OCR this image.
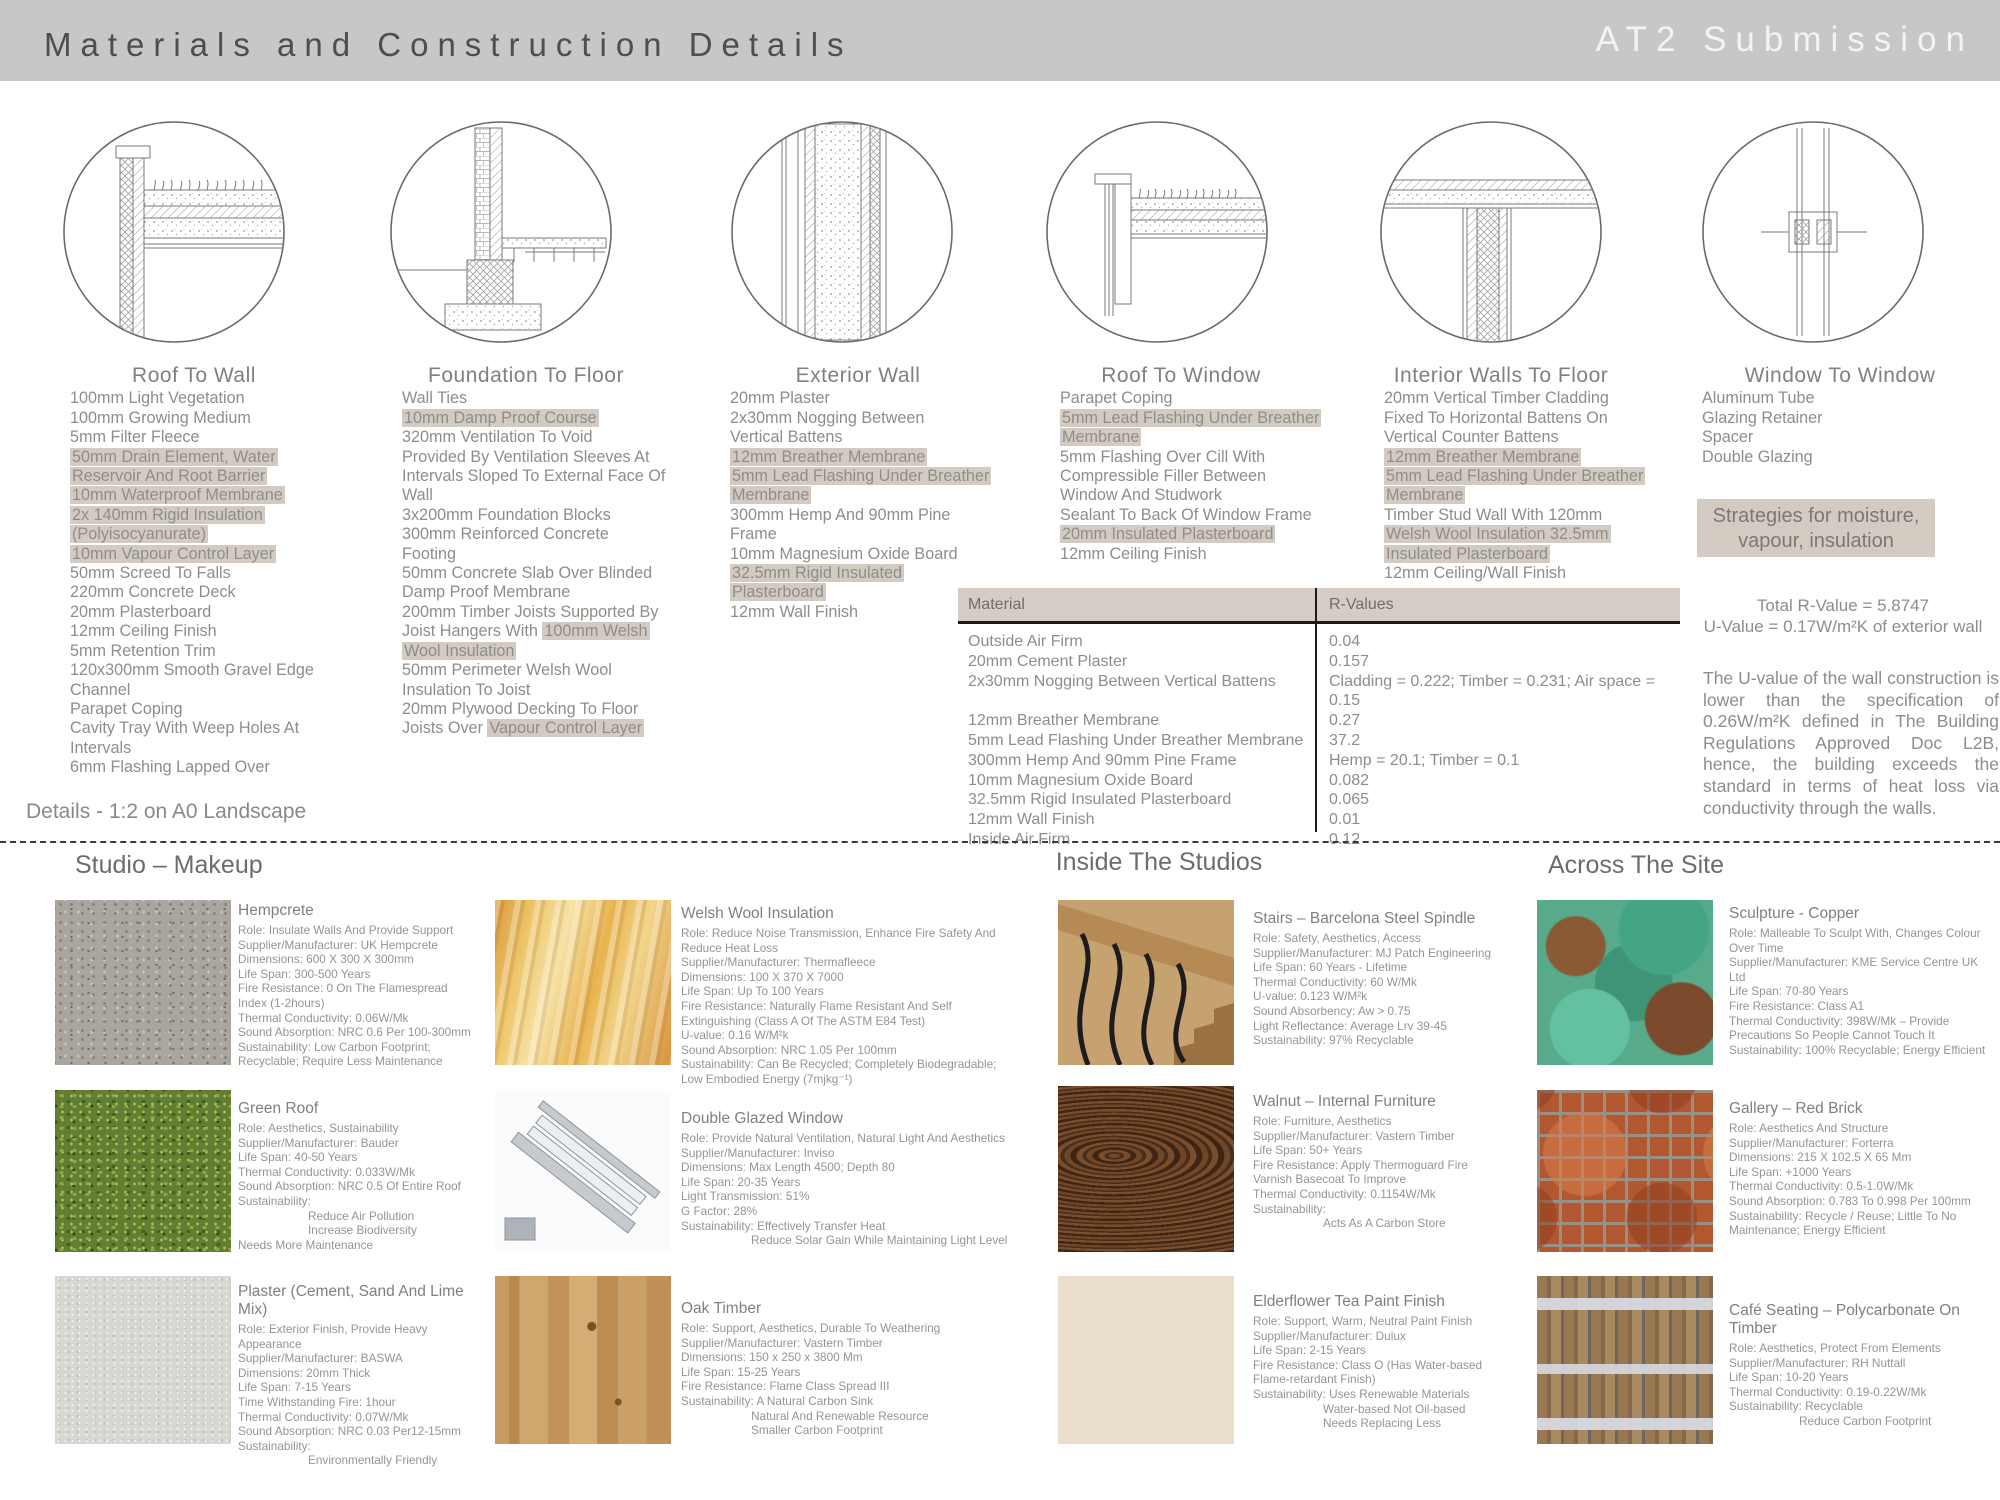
Materials and Construction Details	AT2 Submission
Roof To Wall
100mm Light Vegetation
100mm Growing Medium
5mm Filter Fleece
50mm Drain Element, Water
Reservoir And Root Barrier
10mm Waterproof Membrane
2x 140mm Rigid Insulation
(Polyisocyanurate)
10mm Vapour Control Layer
50mm Screed To Falls
220mm Concrete Deck
20mm Plasterboard
12mm Ceiling Finish
5mm Retention Trim
120x300mm Smooth Gravel Edge
Channel
Parapet Coping
Cavity Tray With Weep Holes At
Intervals
6mm Flashing Lapped Over
Foundation To Floor
Wall Ties
10mm Damp Proof Course
320mm Ventilation To Void
Provided By Ventilation Sleeves At
Intervals Sloped To External Face Of
Wall
3x200mm Foundation Blocks
300mm Reinforced Concrete
Footing
50mm Concrete Slab Over Blinded
Damp Proof Membrane
200mm Timber Joists Supported By
Joist Hangers With 100mm Welsh
Wool Insulation
50mm Perimeter Welsh Wool
Insulation To Joist
20mm Plywood Decking To Floor
Joists Over Vapour Control Layer
Exterior Wall
20mm Plaster
2x30mm Nogging Between
Vertical Battens
12mm Breather Membrane
5mm Lead Flashing Under Breather
Membrane
300mm Hemp And 90mm Pine
Frame
10mm Magnesium Oxide Board
32.5mm Rigid Insulated
Plasterboard
12mm Wall Finish
Roof To Window
Parapet Coping
5mm Lead Flashing Under Breather
Membrane
5mm Flashing Over Cill With
Compressible Filler Between
Window And Studwork
Sealant To Back Of Window Frame
20mm Insulated Plasterboard
12mm Ceiling Finish
Interior Walls To Floor
20mm Vertical Timber Cladding
Fixed To Horizontal Battens On
Vertical Counter Battens
12mm Breather Membrane
5mm Lead Flashing Under Breather
Membrane
Timber Stud Wall With 120mm
Welsh Wool Insulation 32.5mm
Insulated Plasterboard
12mm Ceiling/Wall Finish
Window To Window
Aluminum Tube
Glazing Retainer
Spacer
Double Glazing
Material	R-Values
Outside Air Firm	0.04
20mm Cement Plaster	0.157
2x30mm Nogging Between Vertical Battens	Cladding = 0.222; Timber = 0.231; Air space = 0.15
12mm Breather Membrane	0.27
5mm Lead Flashing Under Breather Membrane	37.2
300mm Hemp And 90mm Pine Frame	Hemp = 20.1; Timber = 0.1
10mm Magnesium Oxide Board	0.082
32.5mm Rigid Insulated Plasterboard	0.065
12mm Wall Finish	0.01
Inside Air Firm	0.12
Strategies for moisture, vapour, insulation
Total R-Value = 5.8747
U-Value = 0.17W/m²K of exterior wall
The U-value of the wall construction is lower than the specification of 0.26W/m²K defined in The Building Regulations Approved Doc L2B, hence, the building exceeds the standard in terms of heat loss via conductivity through the walls.
Details - 1:2 on A0 Landscape
Studio – Makeup	Inside The Studios	Across The Site
Hempcrete
Role: Insulate Walls And Provide Support
Supplier/Manufacturer: UK Hempcrete
Dimensions: 600 X 300 X 300mm
Life Span: 300-500 Years
Fire Resistance: 0 On The Flamespread Index (1-2hours)
Thermal Conductivity: 0.06W/Mk
Sound Absorption: NRC 0.6 Per 100-300mm
Sustainability: Low Carbon Footprint; Recyclable; Require Less Maintenance
Welsh Wool Insulation
Role: Reduce Noise Transmission, Enhance Fire Safety And Reduce Heat Loss
Supplier/Manufacturer: Thermafleece
Dimensions: 100 X 370 X 7000
Life Span: Up To 100 Years
Fire Resistance: Naturally Flame Resistant And Self Extinguishing (Class A Of The ASTM E84 Test)
U-value: 0.16 W/M²k
Sound Absorption: NRC 1.05 Per 100mm
Sustainability: Can Be Recycled; Completely Biodegradable; Low Embodied Energy (7mjkg⁻¹)
Stairs – Barcelona Steel Spindle
Role: Safety, Aesthetics, Access
Supplier/Manufacturer: MJ Patch Engineering
Life Span: 60 Years - Lifetime
Thermal Conductivity: 60 W/Mk
U-value: 0.123 W/M²k
Sound Absorbency: Aw > 0.75
Light Reflectance: Average Lrv 39-45
Sustainability: 97% Recyclable
Sculpture - Copper
Role: Malleable To Sculpt With, Changes Colour Over Time
Supplier/Manufacturer: KME Service Centre UK Ltd
Life Span: 70-80 Years
Fire Resistance: Class A1
Thermal Conductivity: 398W/Mk – Provide Precautions So People Cannot Touch It
Sustainability: 100% Recyclable; Energy Efficient
Green Roof
Role: Aesthetics, Sustainability
Supplier/Manufacturer: Bauder
Life Span: 40-50 Years
Thermal Conductivity: 0.033W/Mk
Sound Absorption: NRC 0.5 Of Entire Roof
Sustainability:
Reduce Air Pollution
Increase Biodiversity
Needs More Maintenance
Double Glazed Window
Role: Provide Natural Ventilation, Natural Light And Aesthetics
Supplier/Manufacturer: Inviso
Dimensions: Max Length 4500; Depth 80
Life Span: 20-35 Years
Light Transmission: 51%
G Factor: 28%
Sustainability: Effectively Transfer Heat
Reduce Solar Gain While Maintaining Light Level
Walnut – Internal Furniture
Role: Furniture, Aesthetics
Supplier/Manufacturer: Vastern Timber
Life Span: 50+ Years
Fire Resistance: Apply Thermoguard Fire Varnish Basecoat To Improve
Thermal Conductivity: 0.1154W/Mk
Sustainability:
Acts As A Carbon Store
Gallery – Red Brick
Role: Aesthetics And Structure
Supplier/Manufacturer: Forterra
Dimensions: 215 X 102.5 X 65 Mm
Life Span: +1000 Years
Thermal Conductivity: 0.5-1.0W/Mk
Sound Absorption: 0.783 To 0.998 Per 100mm
Sustainability: Recycle / Reuse; Little To No Maintenance; Energy Efficient
Plaster (Cement, Sand And Lime Mix)
Role: Exterior Finish, Provide Heavy Appearance
Supplier/Manufacturer: BASWA
Dimensions: 20mm Thick
Life Span: 7-15 Years
Time Withstanding Fire: 1hour
Thermal Conductivity: 0.07W/Mk
Sound Absorption: NRC 0.03 Per12-15mm
Sustainability:
Environmentally Friendly
Oak Timber
Role: Support, Aesthetics, Durable To Weathering
Supplier/Manufacturer: Vastern Timber
Dimensions: 150 x 250 x 3800 Mm
Life Span: 15-25 Years
Fire Resistance: Flame Class Spread III
Sustainability: A Natural Carbon Sink
Natural And Renewable Resource
Smaller Carbon Footprint
Elderflower Tea Paint Finish
Role: Support, Warm, Neutral Paint Finish
Supplier/Manufacturer: Dulux
Life Span: 2-15 Years
Fire Resistance: Class O (Has Water-based Flame-retardant Finish)
Sustainability: Uses Renewable Materials
Water-based Not Oil-based
Needs Replacing Less
Café Seating – Polycarbonate On Timber
Role: Aesthetics, Protect From Elements
Supplier/Manufacturer: RH Nuttall
Life Span: 10-20 Years
Thermal Conductivity: 0.19-0.22W/Mk
Sustainability: Recyclable
Reduce Carbon Footprint
